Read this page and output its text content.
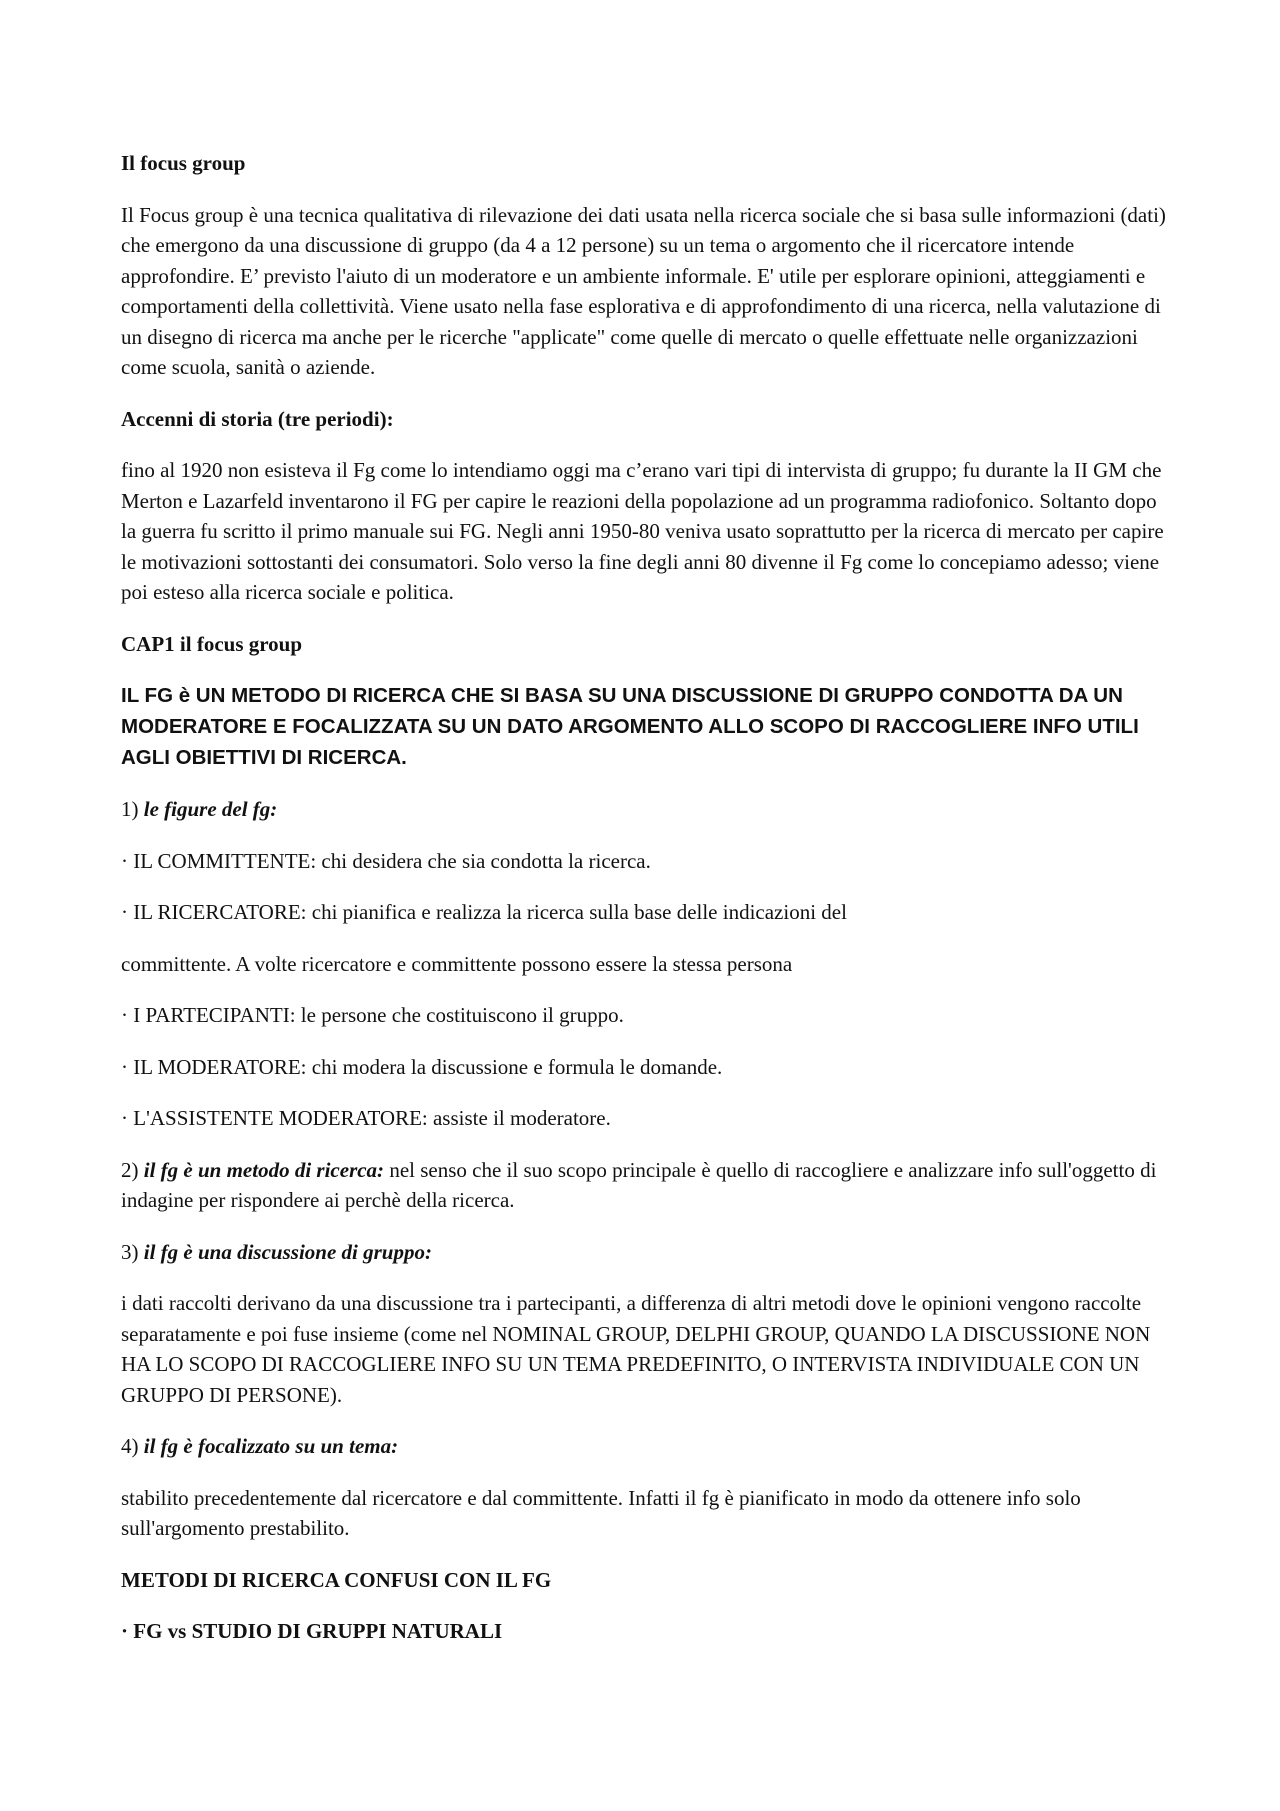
Il focus group

Il Focus group è una tecnica qualitativa di rilevazione dei dati usata nella ricerca sociale che si basa sulle informazioni (dati) che emergono da una discussione di gruppo (da 4 a 12 persone) su un tema o argomento che il ricercatore intende approfondire. E’ previsto l'aiuto di un moderatore e un ambiente informale. E' utile per esplorare opinioni, atteggiamenti e comportamenti della collettività. Viene usato nella fase esplorativa e di approfondimento di una ricerca, nella valutazione di un disegno di ricerca ma anche per le ricerche "applicate" come quelle di mercato o quelle effettuate nelle organizzazioni come scuola, sanità o aziende.

Accenni di storia (tre periodi):

fino al 1920 non esisteva il Fg come lo intendiamo oggi ma c’erano vari tipi di intervista di gruppo; fu durante la II GM che Merton e Lazarfeld inventarono il FG per capire le reazioni della popolazione ad un programma radiofonico. Soltanto dopo la guerra fu scritto il primo manuale sui FG. Negli anni 1950-80 veniva usato soprattutto per la ricerca di mercato per capire le motivazioni sottostanti dei consumatori. Solo verso la fine degli anni 80 divenne il Fg come lo concepiamo adesso; viene poi esteso alla ricerca sociale e politica.

CAP1 il focus group

IL FG è UN METODO DI RICERCA CHE SI BASA SU UNA DISCUSSIONE DI GRUPPO CONDOTTA DA UN MODERATORE E FOCALIZZATA SU UN DATO ARGOMENTO ALLO SCOPO DI RACCOGLIERE INFO UTILI AGLI OBIETTIVI DI RICERCA.

1) le figure del fg:

· IL COMMITTENTE: chi desidera che sia condotta la ricerca.

· IL RICERCATORE: chi pianifica e realizza la ricerca sulla base delle indicazioni del

committente. A volte ricercatore e committente possono essere la stessa persona

· I PARTECIPANTI: le persone che costituiscono il gruppo.

· IL MODERATORE: chi modera la discussione e formula le domande.

· L'ASSISTENTE MODERATORE: assiste il moderatore.

2) il fg è un metodo di ricerca: nel senso che il suo scopo principale è quello di raccogliere e analizzare info sull'oggetto di indagine per rispondere ai perchè della ricerca.

3) il fg è una discussione di gruppo:

i dati raccolti derivano da una discussione tra i partecipanti, a differenza di altri metodi dove le opinioni vengono raccolte separatamente e poi fuse insieme (come nel NOMINAL GROUP, DELPHI GROUP, QUANDO LA DISCUSSIONE NON HA LO SCOPO DI RACCOGLIERE INFO SU UN TEMA PREDEFINITO, O INTERVISTA INDIVIDUALE CON UN GRUPPO DI PERSONE).

4) il fg è focalizzato su un tema:

stabilito precedentemente dal ricercatore e dal committente. Infatti il fg è pianificato in modo da ottenere info solo sull'argomento prestabilito.

METODI DI RICERCA CONFUSI CON IL FG

· FG vs STUDIO DI GRUPPI NATURALI
